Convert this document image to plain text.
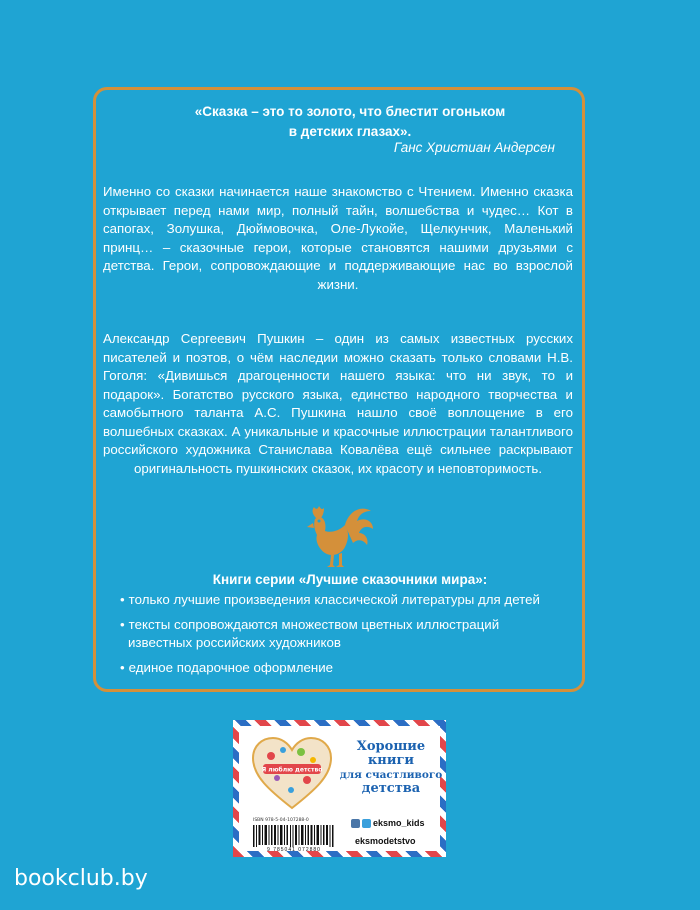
«Сказка – это то золото, что блестит огоньком
в детских глазах».
Ганс Христиан Андерсен
Именно со сказки начинается наше знакомство с Чтением. Именно сказка открывает перед нами мир, полный тайн, волшебства и чудес… Кот в сапогах, Золушка, Дюймовочка, Оле-Лукойе, Щелкунчик, Маленький принц… – сказочные герои, которые становятся нашими друзьями с детства. Герои, сопровождающие и поддерживающие нас во взрослой жизни.
Александр Сергеевич Пушкин – один из самых известных русских писателей и поэтов, о чём наследии можно сказать только словами Н.В. Гоголя: «Дивишься драгоценности нашего языка: что ни звук, то и подарок». Богатство русского языка, единство народного творчества и самобытного таланта А.С. Пушкина нашло своё воплощение в его волшебных сказках. А уникальные и красочные иллюстрации талантливого российского художника Станислава Ковалёва ещё сильнее раскрывают оригинальность пушкинских сказок, их красоту и неповторимость.
Книги серии «Лучшие сказочники мира»:
• только лучшие произведения классической литературы для детей
• тексты сопровождаются множеством цветных иллюстраций известных российских художников
• единое подарочное оформление
Я люблю детство
Хорошие
книги
для счастливого
детства
ISBN 978-5-04-107288-0
9 785041 072880
eksmo_kids
eksmodetstvo
bookclub.by
